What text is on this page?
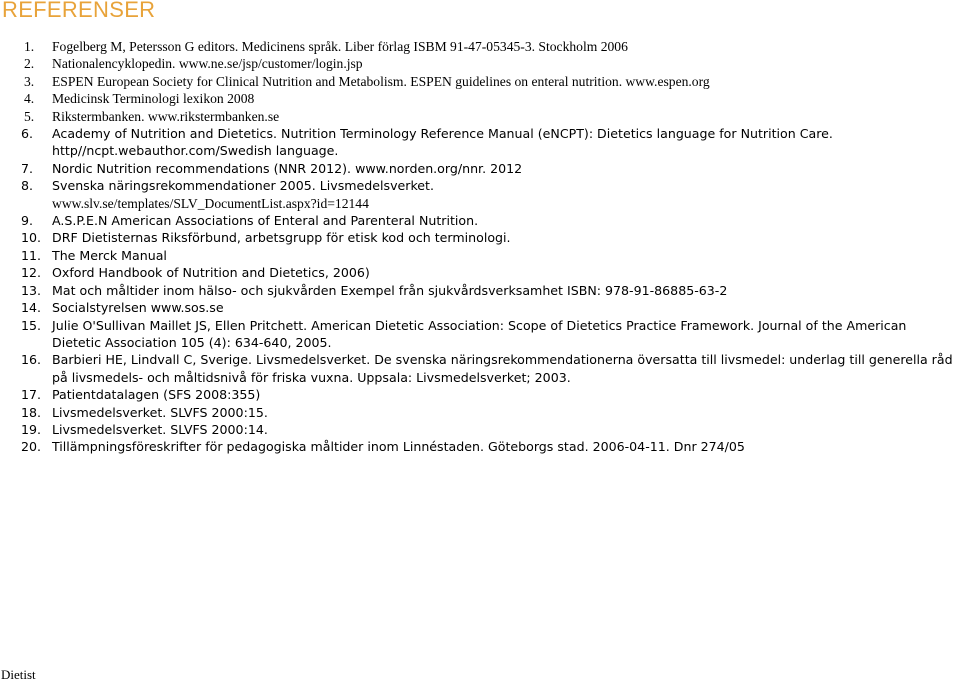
REFERENSER
1. Fogelberg M, Petersson G editors. Medicinens språk. Liber förlag ISBM 91-47-05345-3. Stockholm 2006
2. Nationalencyklopedin. www.ne.se/jsp/customer/login.jsp
3. ESPEN European Society for Clinical Nutrition and Metabolism. ESPEN guidelines on enteral nutrition. www.espen.org
4. Medicinsk Terminologi lexikon 2008
5. Rikstermbanken. www.rikstermbanken.se
6. Academy of Nutrition and Dietetics. Nutrition Terminology Reference Manual (eNCPT): Dietetics language for Nutrition Care. http//ncpt.webauthor.com/Swedish language.
7. Nordic Nutrition recommendations (NNR 2012). www.norden.org/nnr. 2012
8. Svenska näringsrekommendationer 2005. Livsmedelsverket.
www.slv.se/templates/SLV_DocumentList.aspx?id=12144
9. A.S.P.E.N American Associations of Enteral and Parenteral Nutrition.
10. DRF Dietisternas Riksförbund, arbetsgrupp för etisk kod och terminologi.
11. The Merck Manual
12. Oxford Handbook of Nutrition and Dietetics, 2006)
13. Mat och måltider inom hälso- och sjukvården Exempel från sjukvårdsverksamhet ISBN: 978-91-86885-63-2
14. Socialstyrelsen www.sos.se
15. Julie O'Sullivan Maillet JS, Ellen Pritchett. American Dietetic Association: Scope of Dietetics Practice Framework. Journal of the American Dietetic Association 105 (4): 634-640, 2005.
16. Barbieri HE, Lindvall C, Sverige. Livsmedelsverket. De svenska näringsrekommendationerna översatta till livsmedel: underlag till generella råd på livsmedels- och måltidsnivå för friska vuxna. Uppsala: Livsmedelsverket; 2003.
17. Patientdatalagen (SFS 2008:355)
18. Livsmedelsverket. SLVFS 2000:15.
19. Livsmedelsverket. SLVFS 2000:14.
20. Tillämpningsföreskrifter för pedagogiska måltider inom Linnéstaden. Göteborgs stad. 2006-04-11. Dnr 274/05
Dietist
